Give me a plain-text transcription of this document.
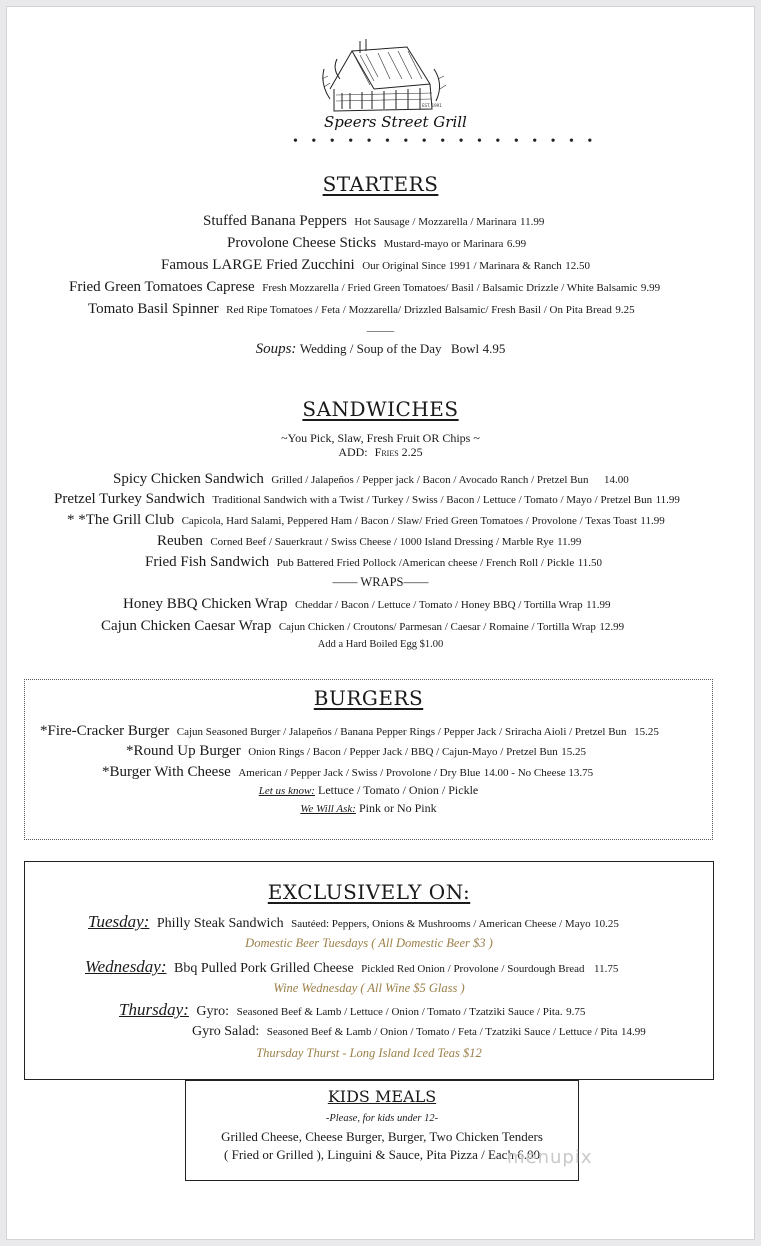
EST. 1991
Speers Street Grill
• • • • • • • • • • • • • • • • •
STARTERS
Stuffed Banana Peppers Hot Sausage / Mozzarella / Marinara 11.99
Provolone Cheese Sticks Mustard-mayo or Marinara 6.99
Famous LARGE Fried Zucchini Our Original Since 1991 / Marinara & Ranch 12.50
Fried Green Tomatoes Caprese Fresh Mozzarella / Fried Green Tomatoes/ Basil / Balsamic Drizzle / White Balsamic 9.99
Tomato Basil Spinner Red Ripe Tomatoes / Feta / Mozzarella/ Drizzled Balsamic/ Fresh Basil / On Pita Bread 9.25
_____
Soups: Wedding / Soup of the Day Bowl 4.95
SANDWICHES
~You Pick, Slaw, Fresh Fruit OR Chips ~
ADD: Fries 2.25
Spicy Chicken Sandwich Grilled / Jalapeños / Pepper jack / Bacon / Avocado Ranch / Pretzel Bun 14.00
Pretzel Turkey Sandwich Traditional Sandwich with a Twist / Turkey / Swiss / Bacon / Lettuce / Tomato / Mayo / Pretzel Bun 11.99
* *The Grill Club Capicola, Hard Salami, Peppered Ham / Bacon / Slaw/ Fried Green Tomatoes / Provolone / Texas Toast 11.99
Reuben Corned Beef / Sauerkraut / Swiss Cheese / 1000 Island Dressing / Marble Rye 11.99
Fried Fish Sandwich Pub Battered Fried Pollock /American cheese / French Roll / Pickle 11.50
—— WRAPS——
Honey BBQ Chicken Wrap Cheddar / Bacon / Lettuce / Tomato / Honey BBQ / Tortilla Wrap 11.99
Cajun Chicken Caesar Wrap Cajun Chicken / Croutons/ Parmesan / Caesar / Romaine / Tortilla Wrap 12.99
Add a Hard Boiled Egg $1.00
BURGERS
*Fire-Cracker Burger Cajun Seasoned Burger / Jalapeños / Banana Pepper Rings / Pepper Jack / Sriracha Aioli / Pretzel Bun 15.25
*Round Up Burger Onion Rings / Bacon / Pepper Jack / BBQ / Cajun-Mayo / Pretzel Bun 15.25
*Burger With Cheese American / Pepper Jack / Swiss / Provolone / Dry Blue 14.00 - No Cheese 13.75
Let us know: Lettuce / Tomato / Onion / Pickle
We Will Ask: Pink or No Pink
EXCLUSIVELY ON:
Tuesday: Philly Steak Sandwich Sautéed: Peppers, Onions & Mushrooms / American Cheese / Mayo 10.25
Domestic Beer Tuesdays ( All Domestic Beer $3 )
Wednesday: Bbq Pulled Pork Grilled Cheese Pickled Red Onion / Provolone / Sourdough Bread 11.75
Wine Wednesday ( All Wine $5 Glass )
Thursday: Gyro: Seasoned Beef & Lamb / Lettuce / Onion / Tomato / Tzatziki Sauce / Pita. 9.75
Gyro Salad: Seasoned Beef & Lamb / Onion / Tomato / Feta / Tzatziki Sauce / Lettuce / Pita 14.99
Thursday Thurst - Long Island Iced Teas $12
KIDS MEALS
-Please, for kids under 12-
Grilled Cheese, Cheese Burger, Burger, Two Chicken Tenders
( Fried or Grilled ), Linguini & Sauce, Pita Pizza / Each 6.00
menupix
